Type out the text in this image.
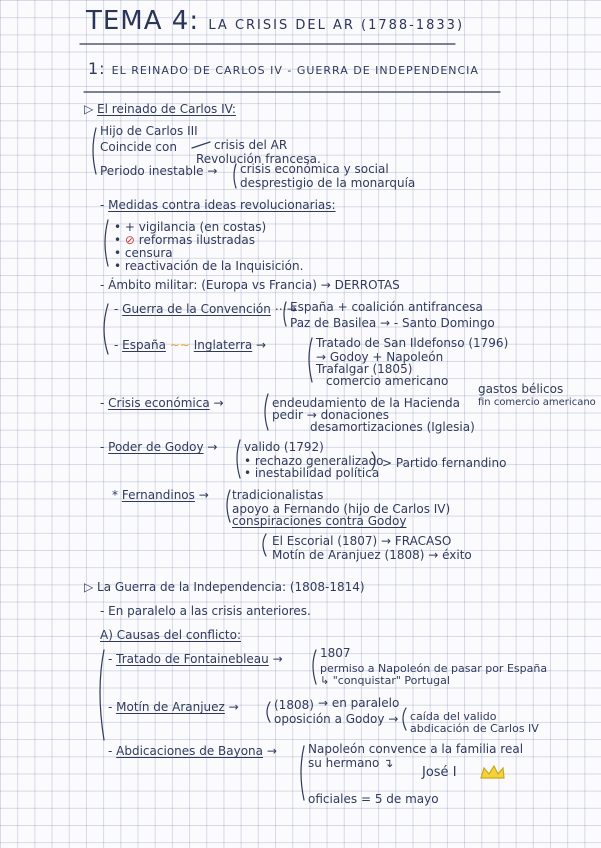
TEMA 4: LA CRISIS DEL AR (1788-1833)
1: EL REINADO DE CARLOS IV - GUERRA DE INDEPENDENCIA
▷ El reinado de Carlos IV:
Hijo de Carlos III
Coincide con	crisis del AR
Revolución francesa.
Periodo inestable → crisis económica y social
desprestigio de la monarquía
- Medidas contra ideas revolucionarias:
• + vigilancia (en costas)
• ⊘ reformas ilustradas
• censura
• reactivación de la Inquisición.
- Ámbito militar: (Europa vs Francia) → DERROTAS
- Guerra de la Convención ⋯→
España + coalición antifrancesa
Paz de Basilea → - Santo Domingo
- España ∼∼ Inglaterra →	Tratado de San Ildefonso (1796)
→ Godoy + Napoleón
Trafalgar (1805)
comercio americano
- Crisis económica →	endeudamiento de la Hacienda
gastos bélicos
fin comercio americano
pedir → donaciones
desamortizaciones (Iglesia)
- Poder de Godoy → valido (1792)
• rechazo generalizado
• inestabilidad política
> Partido fernandino
* Fernandinos → tradicionalistas
apoyo a Fernando (hijo de Carlos IV)
conspiraciones contra Godoy
El Escorial (1807) → FRACASO
Motín de Aranjuez (1808) → éxito
▷ La Guerra de la Independencia: (1808-1814)
- En paralelo a las crisis anteriores.
A) Causas del conflicto:
- Tratado de Fontainebleau →	1807
permiso a Napoleón de pasar por España
↳ "conquistar" Portugal
- Motín de Aranjuez →	(1808) → en paralelo
oposición a Godoy → caída del valido
abdicación de Carlos IV
- Abdicaciones de Bayona →	Napoleón convence a la familia real
su hermano ↴
José I
oficiales = 5 de mayo
